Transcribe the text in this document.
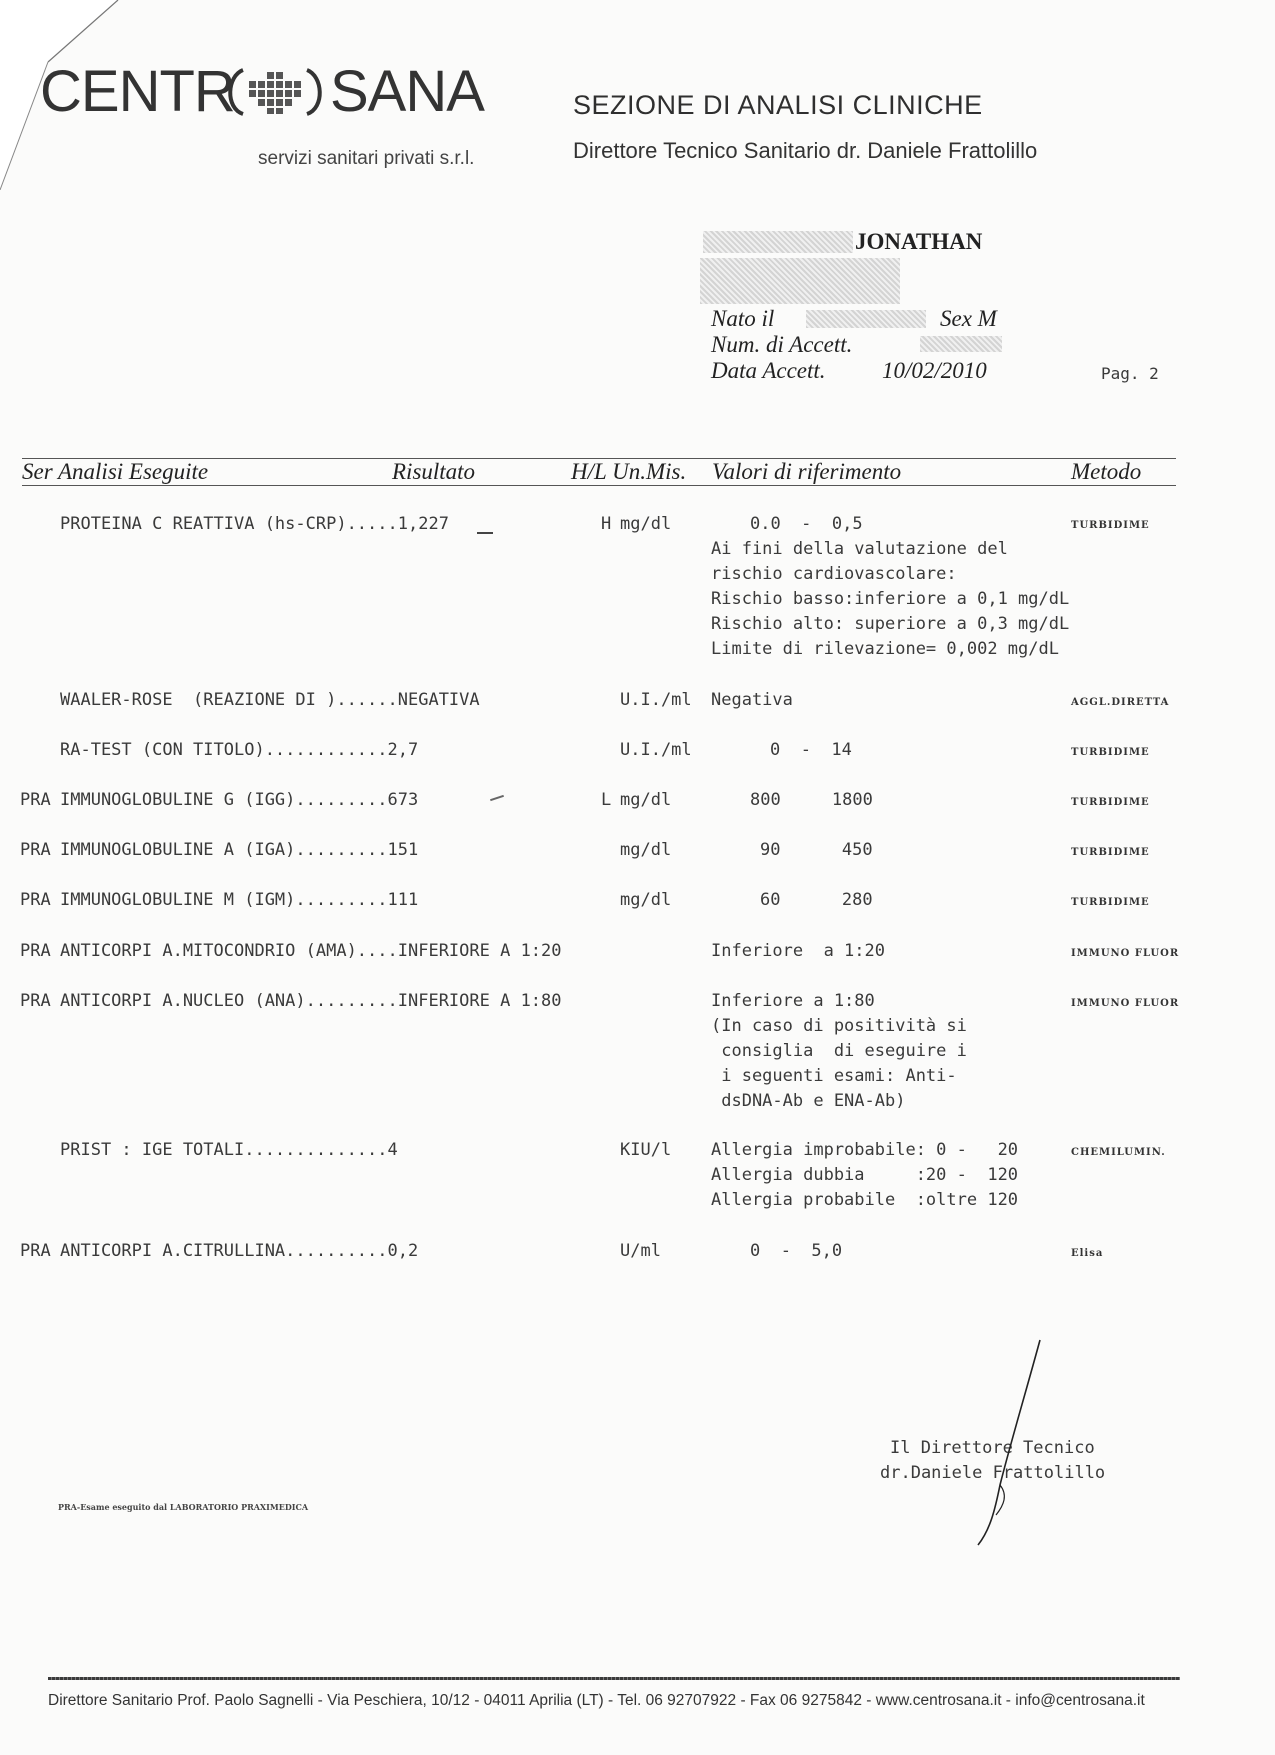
CENTR

SANA

servizi sanitari privati s.r.l.

SEZIONE DI ANALISI CLINICHE
Direttore Tecnico Sanitario dr. Daniele Frattolillo
JONATHAN
Nato il	Sex M
Num. di Accett.
Data Accett. 10/02/2010	Pag. 2
Ser Analisi Eseguite	Risultato	H/L Un.Mis. Valori di riferimento	Metodo
PROTEINA C REATTIVA (hs-CRP).....1,227	H mg/dl	0.0  -  0,5
Ai fini della valutazione del
rischio cardiovascolare:
Rischio basso:inferiore a 0,1 mg/dL
Rischio alto: superiore a 0,3 mg/dL
Limite di rilevazione= 0,002 mg/dL
TURBIDIME
WAALER-ROSE  (REAZIONE DI )......NEGATIVA	U.I./ml Negativa	AGGL.DIRETTA
RA-TEST (CON TITOLO)............2,7	U.I./ml	0  -  14	TURBIDIME
PRA IMMUNOGLOBULINE G (IGG).........673	L mg/dl	800     1800	TURBIDIME
PRA IMMUNOGLOBULINE A (IGA).........151	mg/dl	90      450	TURBIDIME
PRA IMMUNOGLOBULINE M (IGM).........111	mg/dl	60      280	TURBIDIME
PRA ANTICORPI A.MITOCONDRIO (AMA)....INFERIORE A 1:20	Inferiore  a 1:20	IMMUNO FLUOR
PRA ANTICORPI A.NUCLEO (ANA).........INFERIORE A 1:80	Inferiore a 1:80
(In caso di positività si
consiglia  di eseguire i
i seguenti esami: Anti-
dsDNA-Ab e ENA-Ab)
IMMUNO FLUOR
PRIST : IGE TOTALI..............4	KIU/l Allergia improbabile: 0 -   20
Allergia dubbia     :20 -  120
Allergia probabile  :oltre 120
CHEMILUMIN.
PRA ANTICORPI A.CITRULLINA..........0,2	U/ml	0  -  5,0	Elisa
Il Direttore Tecnico
dr.Daniele Frattolillo
PRA-Esame eseguito dal LABORATORIO PRAXIMEDICA
Direttore Sanitario Prof. Paolo Sagnelli - Via Peschiera, 10/12 - 04011 Aprilia (LT) - Tel. 06 92707922 - Fax 06 9275842 - www.centrosana.it - info@centrosana.it
